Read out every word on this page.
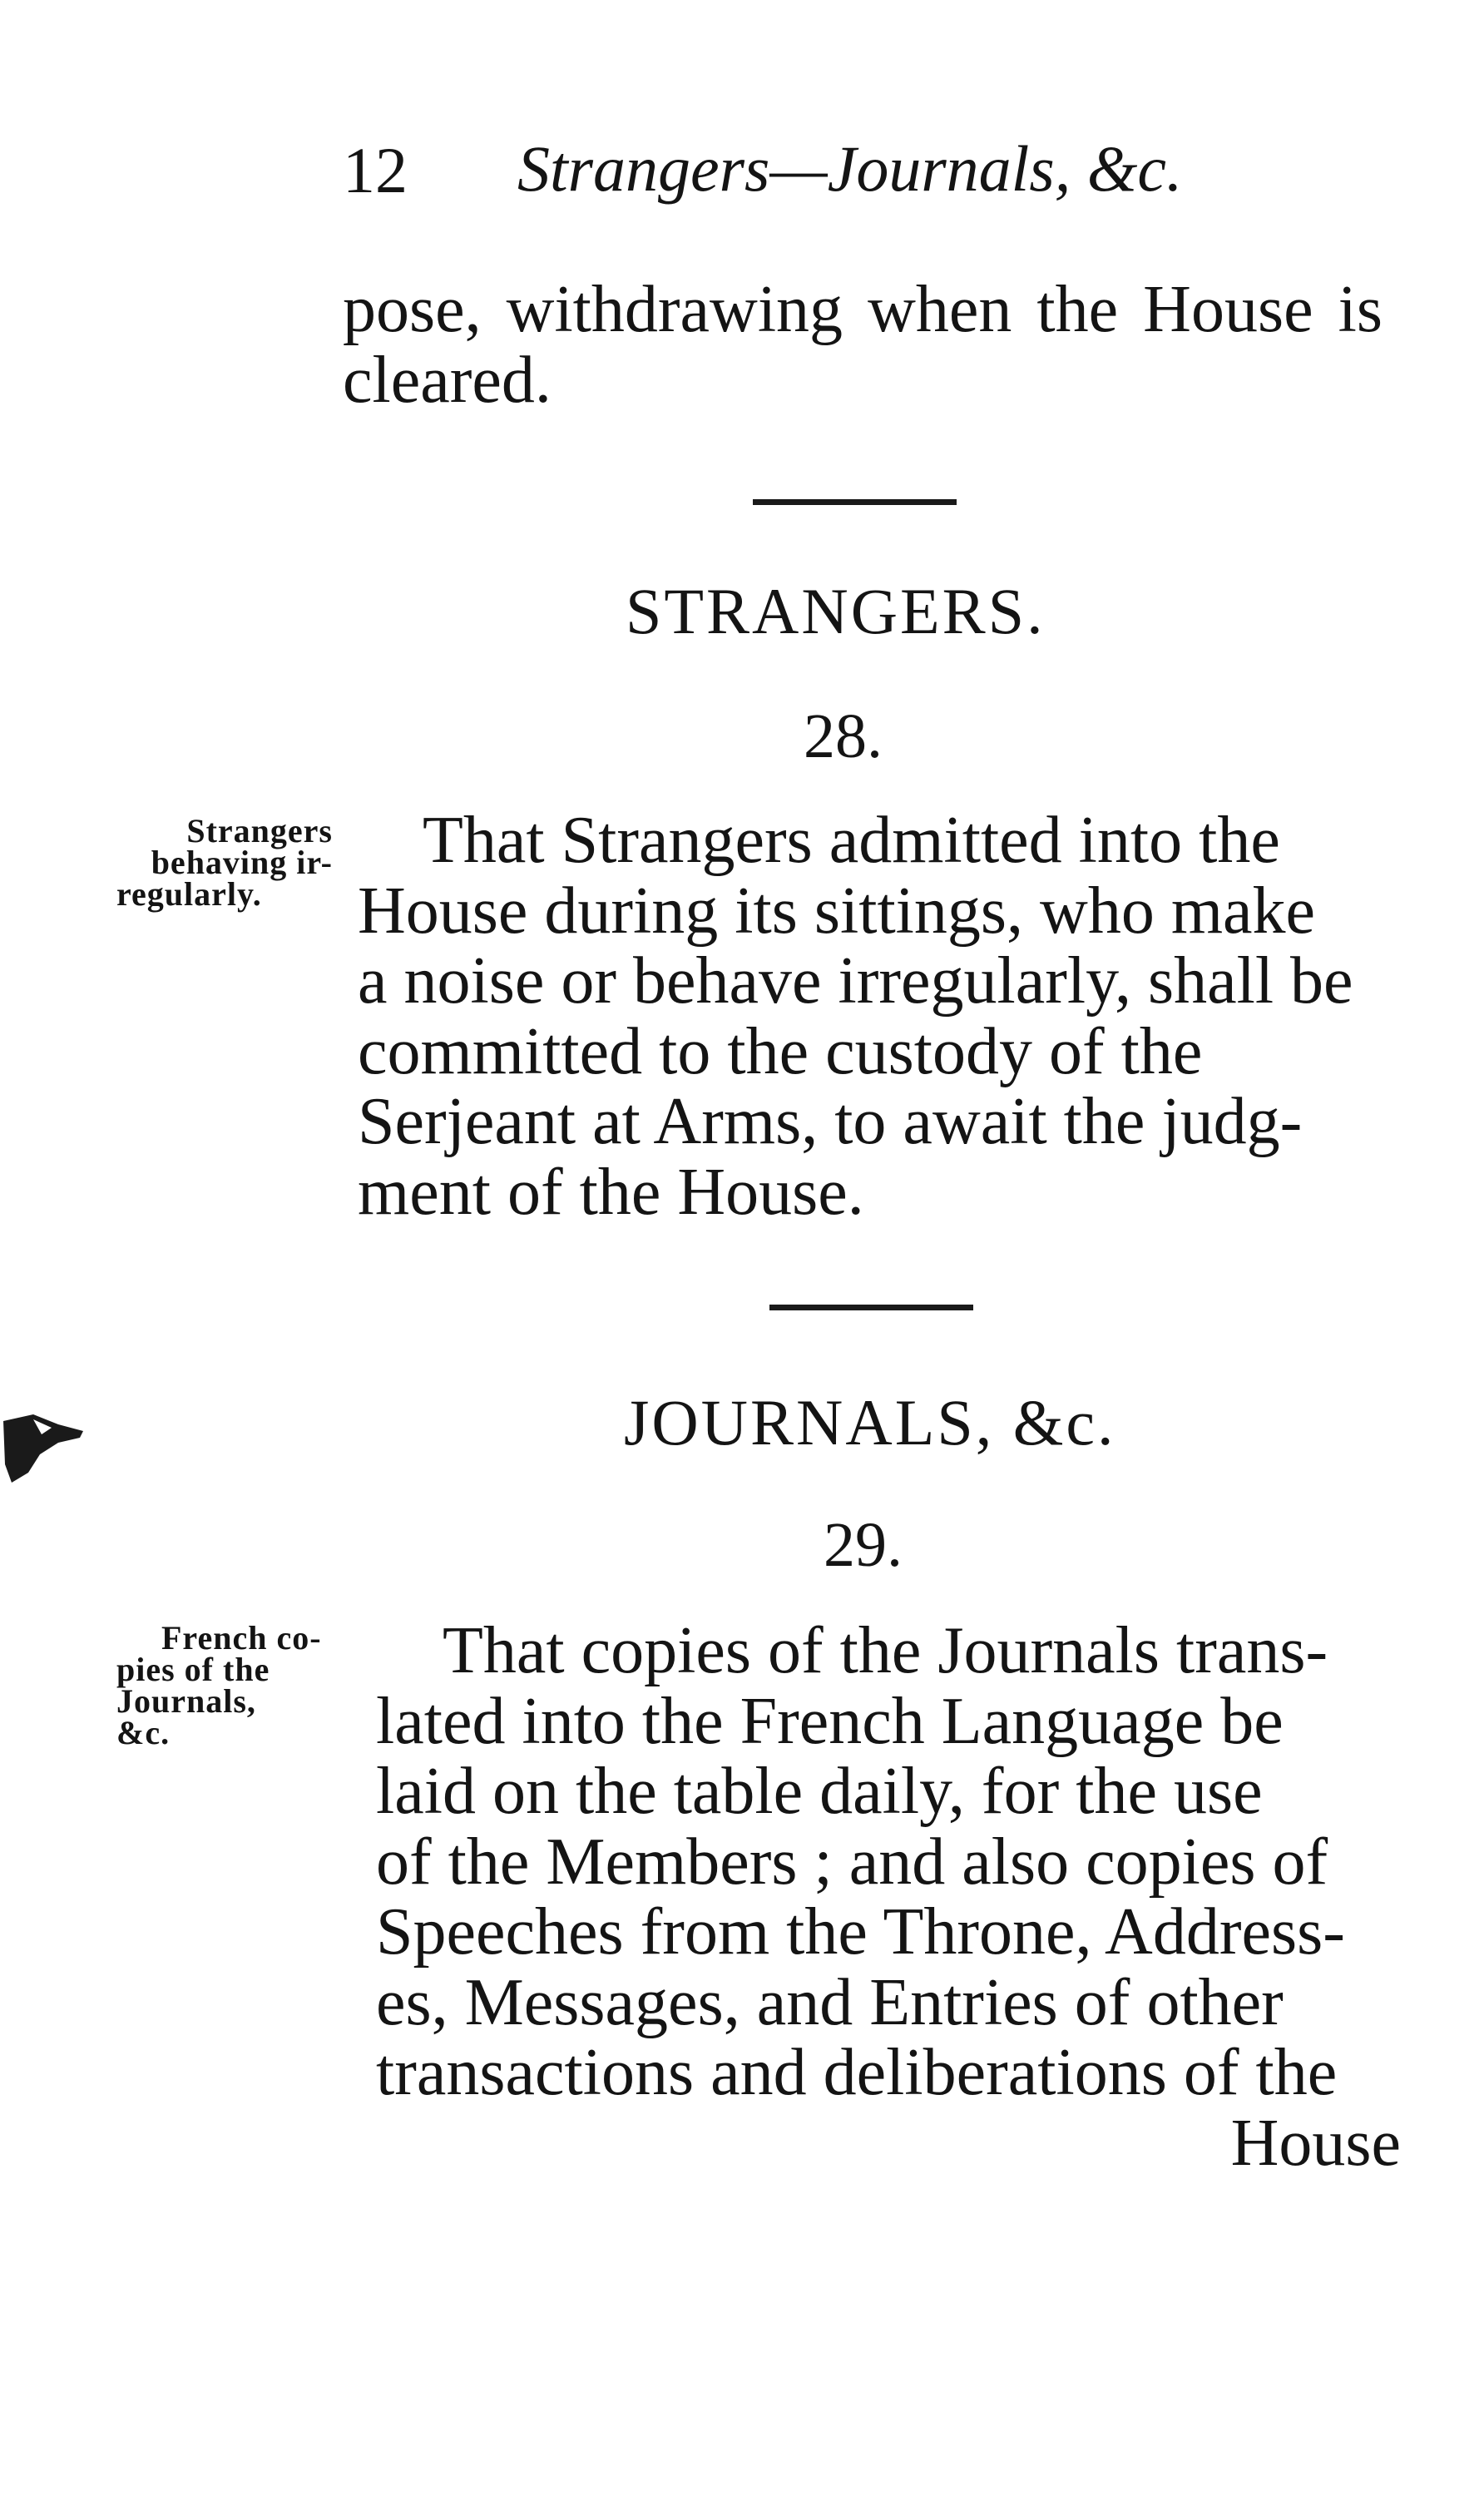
12 Strangers—Journals, &c.
pose, withdrawing when the House is cleared.
STRANGERS.
28.
Strangers
behaving ir-
regularly.

That Strangers admitted into the

House during its sittings, who make

a noise or behave irregularly, shall be

committed to the custody of the

Serjeant at Arms, to await the judg-

ment of the House.

JOURNALS, &c.
29.
French co-
pies of the
Journals,
&c.

That copies of the Journals trans-

lated into the French Language be

laid on the table daily, for the use

of the Members ; and also copies of

Speeches from the Throne, Address-

es, Messages, and Entries of other

transactions and deliberations of the

House
